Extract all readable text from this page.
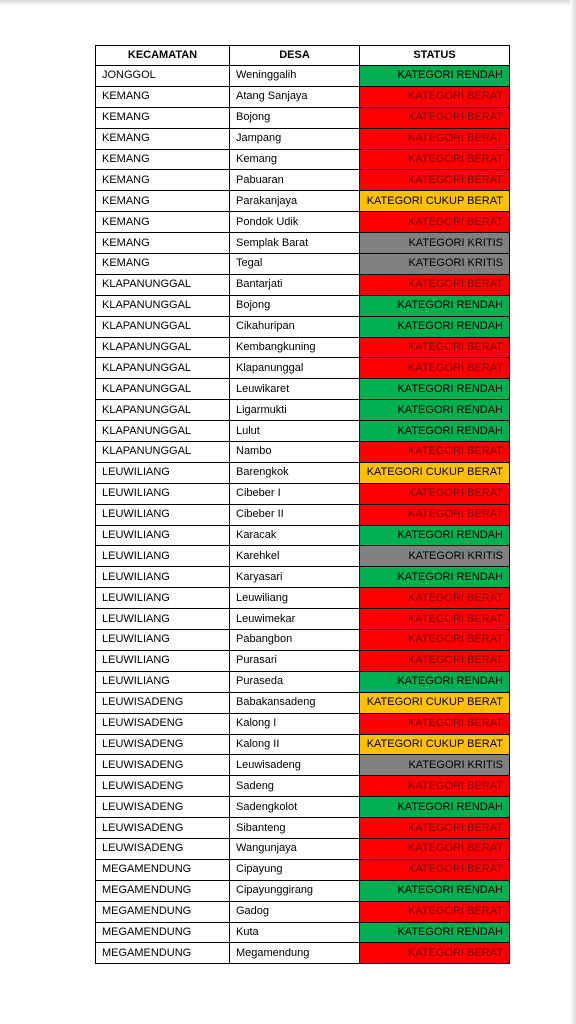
KECAMATAN	DESA	STATUS
JONGGOL	Weninggalih	KATEGORI RENDAH
KEMANG	Atang Sanjaya	KATEGORI BERAT
KEMANG	Bojong	KATEGORI BERAT
KEMANG	Jampang	KATEGORI BERAT
KEMANG	Kemang	KATEGORI BERAT
KEMANG	Pabuaran	KATEGORI BERAT
KEMANG	Parakanjaya	KATEGORI CUKUP BERAT
KEMANG	Pondok Udik	KATEGORI BERAT
KEMANG	Semplak Barat	KATEGORI KRITIS
KEMANG	Tegal	KATEGORI KRITIS
KLAPANUNGGAL	Bantarjati	KATEGORI BERAT
KLAPANUNGGAL	Bojong	KATEGORI RENDAH
KLAPANUNGGAL	Cikahuripan	KATEGORI RENDAH
KLAPANUNGGAL	Kembangkuning	KATEGORI BERAT
KLAPANUNGGAL	Klapanunggal	KATEGORI BERAT
KLAPANUNGGAL	Leuwikaret	KATEGORI RENDAH
KLAPANUNGGAL	Ligarmukti	KATEGORI RENDAH
KLAPANUNGGAL	Lulut	KATEGORI RENDAH
KLAPANUNGGAL	Nambo	KATEGORI BERAT
LEUWILIANG	Barengkok	KATEGORI CUKUP BERAT
LEUWILIANG	Cibeber I	KATEGORI BERAT
LEUWILIANG	Cibeber II	KATEGORI BERAT
LEUWILIANG	Karacak	KATEGORI RENDAH
LEUWILIANG	Karehkel	KATEGORI KRITIS
LEUWILIANG	Karyasari	KATEGORI RENDAH
LEUWILIANG	Leuwiliang	KATEGORI BERAT
LEUWILIANG	Leuwimekar	KATEGORI BERAT
LEUWILIANG	Pabangbon	KATEGORI BERAT
LEUWILIANG	Purasari	KATEGORI BERAT
LEUWILIANG	Puraseda	KATEGORI RENDAH
LEUWISADENG	Babakansadeng	KATEGORI CUKUP BERAT
LEUWISADENG	Kalong I	KATEGORI BERAT
LEUWISADENG	Kalong II	KATEGORI CUKUP BERAT
LEUWISADENG	Leuwisadeng	KATEGORI KRITIS
LEUWISADENG	Sadeng	KATEGORI BERAT
LEUWISADENG	Sadengkolot	KATEGORI RENDAH
LEUWISADENG	Sibanteng	KATEGORI BERAT
LEUWISADENG	Wangunjaya	KATEGORI BERAT
MEGAMENDUNG	Cipayung	KATEGORI BERAT
MEGAMENDUNG	Cipayunggirang	KATEGORI RENDAH
MEGAMENDUNG	Gadog	KATEGORI BERAT
MEGAMENDUNG	Kuta	KATEGORI RENDAH
MEGAMENDUNG	Megamendung	KATEGORI BERAT
